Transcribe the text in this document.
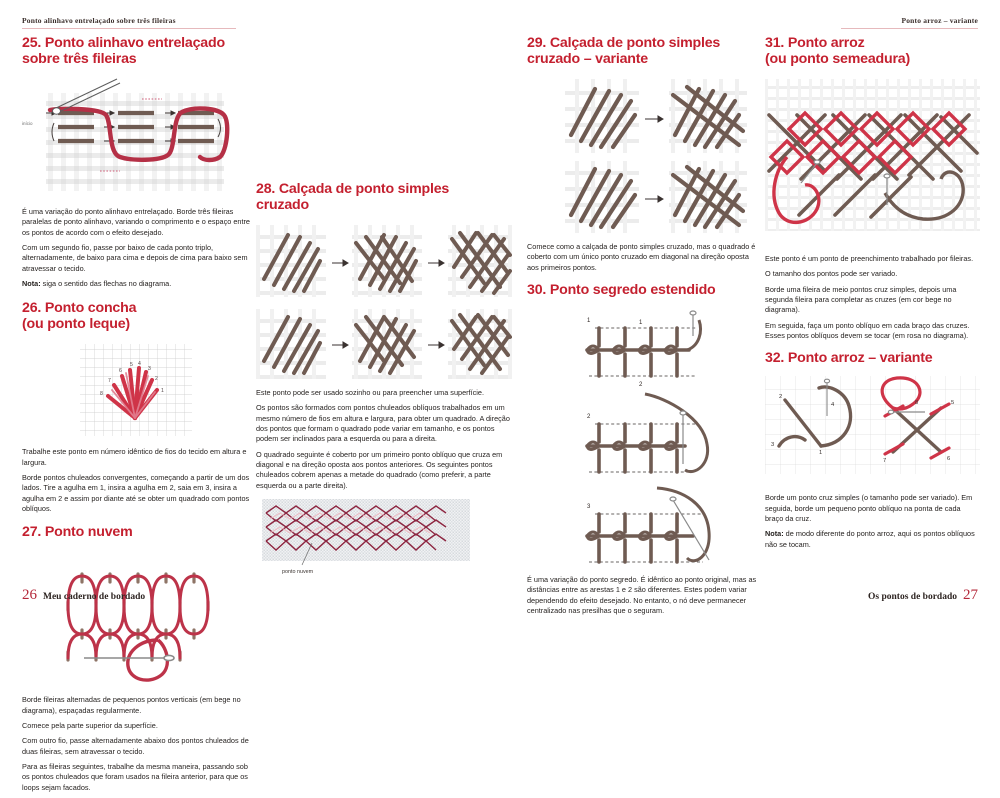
Ponto alinhavo entrelaçado sobre três fileiras	Ponto arroz – variante
25. Ponto alinhavo entrelaçado sobre três fileiras
início

É uma variação do ponto alinhavo entrelaçado. Borde três fileiras paralelas de ponto alinhavo, variando o comprimento e o espaço entre os pontos de acordo com o efeito desejado.

Com um segundo fio, passe por baixo de cada ponto triplo, alternadamente, de baixo para cima e depois de cima para baixo sem atravessar o tecido.

Nota: siga o sentido das flechas no diagrama.

26. Ponto concha
(ou ponto leque)
1
2
3
4
5
6
7
8

Trabalhe este ponto em número idêntico de fios do tecido em altura e largura.

Borde pontos chuleados convergentes, começando a partir de um dos lados. Tire a agulha em 1, insira a agulha em 2, saia em 3, insira a agulha em 2 e assim por diante até se obter um quadrado com pontos oblíquos.

27. Ponto nuvem

Borde fileiras alternadas de pequenos pontos verticais (em bege no diagrama), espaçadas regularmente.

Comece pela parte superior da superfície.

Com outro fio, passe alternadamente abaixo dos pontos chuleados de duas fileiras, sem atravessar o tecido.

Para as fileiras seguintes, trabalhe da mesma maneira, passando sob os pontos chuleados que foram usados na fileira anterior, para que os loops sejam facados.

28. Calçada de ponto simples
cruzado

Este ponto pode ser usado sozinho ou para preencher uma superfície.

Os pontos são formados com pontos chuleados oblíquos trabalhados em um mesmo número de fios em altura e largura, para obter um quadrado. A direção dos pontos que formam o quadrado pode variar em tamanho, e os pontos podem ser inclinados para a esquerda ou para a direita.

O quadrado seguinte é coberto por um primeiro ponto oblíquo que cruza em diagonal e na direção oposta aos pontos anteriores. Os seguintes pontos chuleados cobrem apenas a metade do quadrado (como preferir, a parte esquerda ou a parte direita).

ponto nuvem
29. Calçada de ponto simples
cruzado – variante

Comece como a calçada de ponto simples cruzado, mas o quadrado é coberto com um único ponto cruzado em diagonal na direção oposta aos primeiros pontos.

30. Ponto segredo estendido
1	1
2
2
3

É uma variação do ponto segredo. É idêntico ao ponto original, mas as distâncias entre as arestas 1 e 2 são diferentes. Estes podem variar dependendo do efeito desejado. No entanto, o nó deve permanecer centralizado nas presilhas que o seguram.

31. Ponto arroz
(ou ponto semeadura)

Este ponto é um ponto de preenchimento trabalhado por fileiras.

O tamanho dos pontos pode ser variado.

Borde uma fileira de meio pontos cruz simples, depois uma segunda fileira para completar as cruzes (em cor bege no diagrama).

Em seguida, faça um ponto oblíquo em cada braço das cruzes. Esses pontos oblíquos devem se tocar (em rosa no diagrama).

32. Ponto arroz – variante
2
3
1
4	5
6
7
8

Borde um ponto cruz simples (o tamanho pode ser variado). Em seguida, borde um pequeno ponto oblíquo na ponta de cada braço da cruz.

Nota: de modo diferente do ponto arroz, aqui os pontos oblíquos não se tocam.

26 Meu caderno de bordado	Os pontos de bordado 27
